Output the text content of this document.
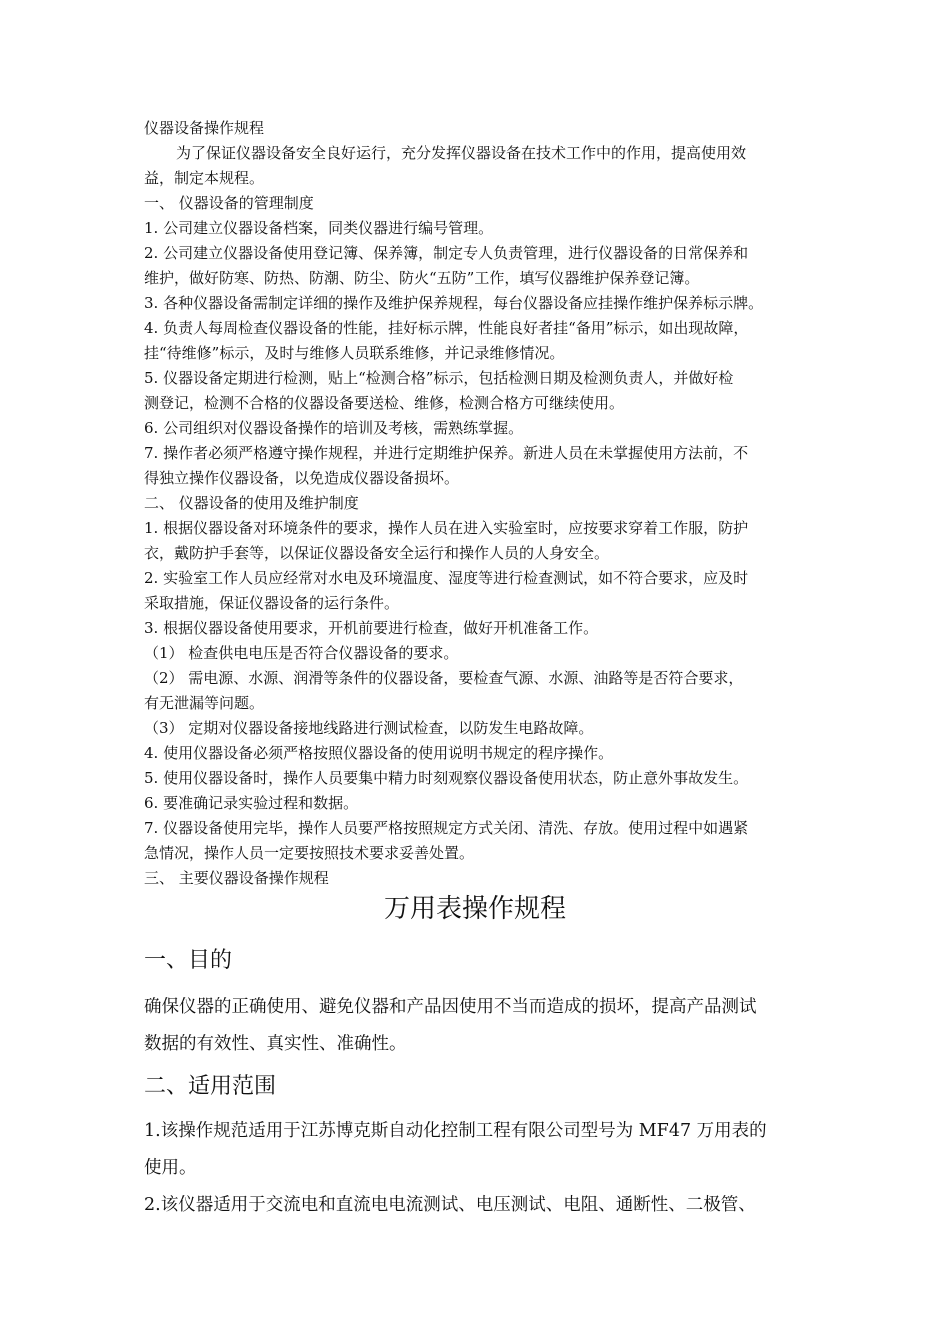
仪器设备操作规程
为了保证仪器设备安全良好运行，充分发挥仪器设备在技术工作中的作用，提高使用效
益，制定本规程。
一、 仪器设备的管理制度
1. 公司建立仪器设备档案，同类仪器进行编号管理。
2. 公司建立仪器设备使用登记簿、保养簿，制定专人负责管理，进行仪器设备的日常保养和
维护，做好防寒、防热、防潮、防尘、防火“五防”工作，填写仪器维护保养登记簿。
3. 各种仪器设备需制定详细的操作及维护保养规程，每台仪器设备应挂操作维护保养标示牌。
4. 负责人每周检查仪器设备的性能，挂好标示牌，性能良好者挂“备用”标示，如出现故障，
挂“待维修”标示，及时与维修人员联系维修，并记录维修情况。
5. 仪器设备定期进行检测，贴上“检测合格”标示，包括检测日期及检测负责人，并做好检
测登记，检测不合格的仪器设备要送检、维修，检测合格方可继续使用。
6. 公司组织对仪器设备操作的培训及考核，需熟练掌握。
7. 操作者必须严格遵守操作规程，并进行定期维护保养。新进人员在未掌握使用方法前，不
得独立操作仪器设备，以免造成仪器设备损坏。
二、 仪器设备的使用及维护制度
1. 根据仪器设备对环境条件的要求，操作人员在进入实验室时，应按要求穿着工作服，防护
衣，戴防护手套等，以保证仪器设备安全运行和操作人员的人身安全。
2. 实验室工作人员应经常对水电及环境温度、湿度等进行检查测试，如不符合要求，应及时
采取措施，保证仪器设备的运行条件。
3. 根据仪器设备使用要求，开机前要进行检查，做好开机准备工作。
（1） 检查供电电压是否符合仪器设备的要求。
（2） 需电源、水源、润滑等条件的仪器设备，要检查气源、水源、油路等是否符合要求，
有无泄漏等问题。
（3） 定期对仪器设备接地线路进行测试检查，以防发生电路故障。
4. 使用仪器设备必须严格按照仪器设备的使用说明书规定的程序操作。
5. 使用仪器设备时，操作人员要集中精力时刻观察仪器设备使用状态，防止意外事故发生。
6. 要准确记录实验过程和数据。
7. 仪器设备使用完毕，操作人员要严格按照规定方式关闭、清洗、存放。使用过程中如遇紧
急情况，操作人员一定要按照技术要求妥善处置。
三、 主要仪器设备操作规程
万用表操作规程
一、目的
确保仪器的正确使用、避免仪器和产品因使用不当而造成的损坏，提高产品测试
数据的有效性、真实性、准确性。
二、适用范围
1.该操作规范适用于江苏博克斯自动化控制工程有限公司型号为 MF47 万用表的
使用。
2.该仪器适用于交流电和直流电电流测试、电压测试、电阻、通断性、二极管、
